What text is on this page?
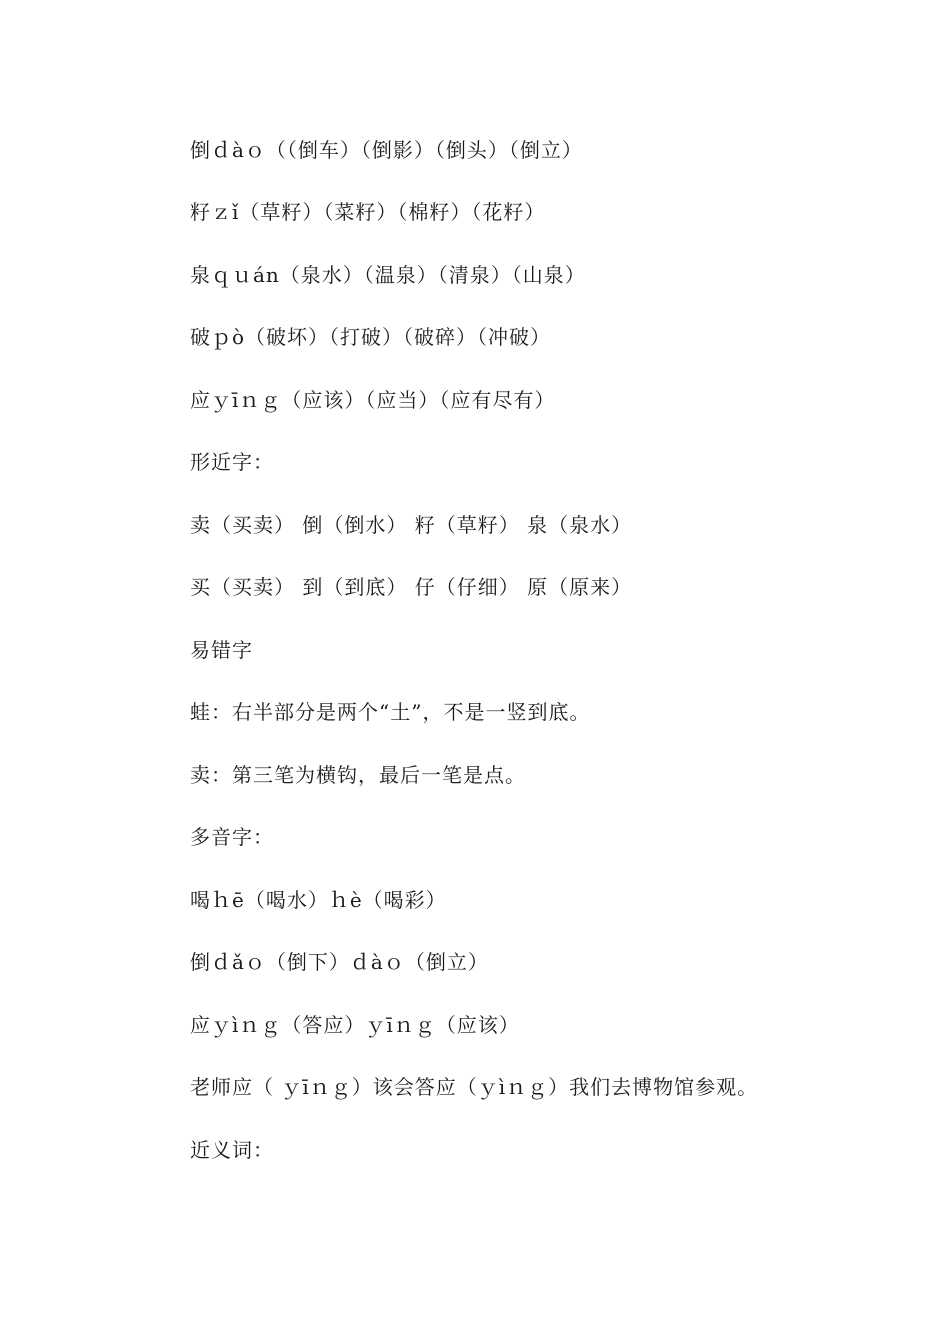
倒ｄàｏ（（倒车）（倒影）（倒头）（倒立）
籽ｚǐ（草籽）（菜籽）（棉籽）（花籽）
泉ｑｕán（泉水）（温泉）（清泉）（山泉）
破ｐò（破坏）（打破）（破碎）（冲破）
应ｙīｎｇ（应该）（应当）（应有尽有）
形近字：
卖（买卖） 倒（倒水） 籽（草籽） 泉（泉水）
买（买卖） 到（到底） 仔（仔细） 原（原来）
易错字
蛙：右半部分是两个“土”，不是一竖到底。
卖：第三笔为横钩，最后一笔是点。
多音字：
喝ｈē（喝水）ｈè（喝彩）
倒ｄǎｏ（倒下）ｄàｏ（倒立）
应ｙìｎｇ（答应）ｙīｎｇ（应该）
老师应（ ｙīｎｇ）该会答应（ｙìｎｇ）我们去博物馆参观。
近义词：
